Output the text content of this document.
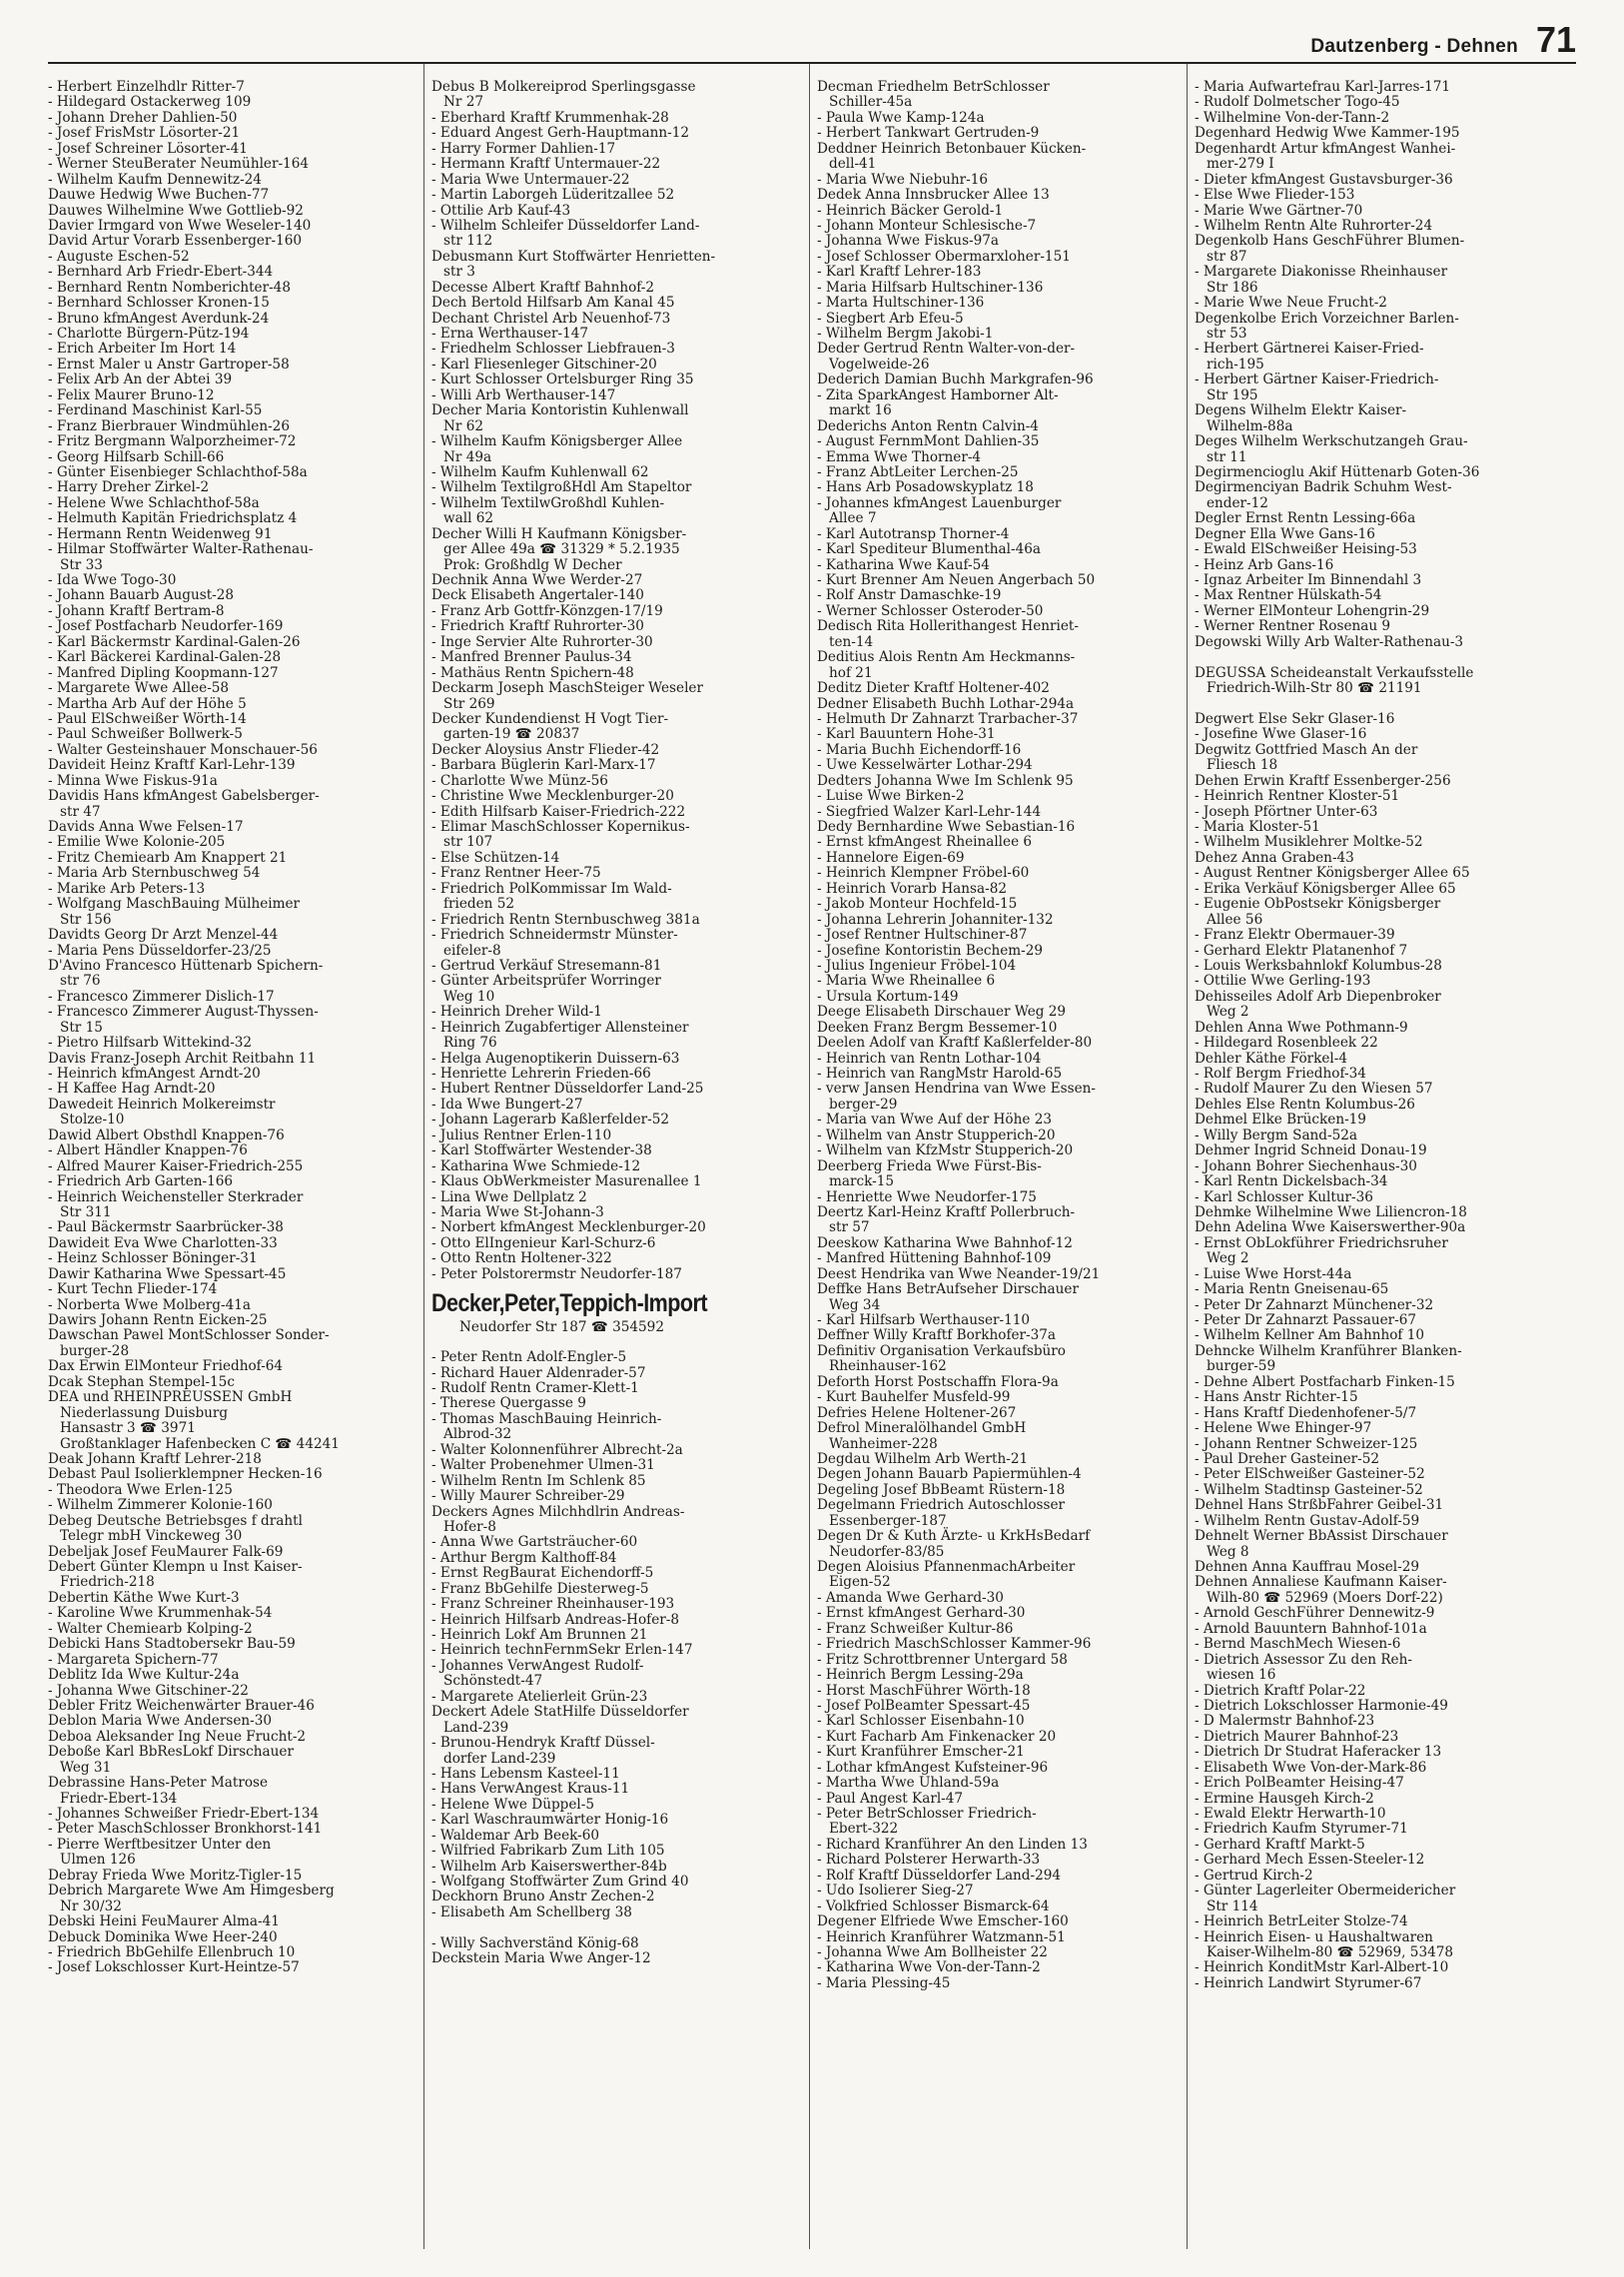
Dautzenberg - Dehnen 71
- Herbert Einzelhdlr Ritter-7
- Hildegard Ostackerweg 109
- Johann Dreher Dahlien-50
- Josef FrisMstr Lösorter-21
- Josef Schreiner Lösorter-41
- Werner SteuBerater Neumühler-164
- Wilhelm Kaufm Dennewitz-24
Dauwe Hedwig Wwe Buchen-77
Dauwes Wilhelmine Wwe Gottlieb-92
Davier Irmgard von Wwe Weseler-140
David Artur Vorarb Essenberger-160
- Auguste Eschen-52
- Bernhard Arb Friedr-Ebert-344
- Bernhard Rentn Nomberichter-48
- Bernhard Schlosser Kronen-15
- Bruno kfmAngest Averdunk-24
- Charlotte Bürgern-Pütz-194
- Erich Arbeiter Im Hort 14
- Ernst Maler u Anstr Gartroper-58
- Felix Arb An der Abtei 39
- Felix Maurer Bruno-12
- Ferdinand Maschinist Karl-55
- Franz Bierbrauer Windmühlen-26
- Fritz Bergmann Walporzheimer-72
- Georg Hilfsarb Schill-66
- Günter Eisenbieger Schlachthof-58a
- Harry Dreher Zirkel-2
- Helene Wwe Schlachthof-58a
- Helmuth Kapitän Friedrichsplatz 4
- Hermann Rentn Weidenweg 91
- Hilmar Stoffwärter Walter-Rathenau-
Str 33
- Ida Wwe Togo-30
- Johann Bauarb August-28
- Johann Kraftf Bertram-8
- Josef Postfacharb Neudorfer-169
- Karl Bäckermstr Kardinal-Galen-26
- Karl Bäckerei Kardinal-Galen-28
- Manfred Dipling Koopmann-127
- Margarete Wwe Allee-58
- Martha Arb Auf der Höhe 5
- Paul ElSchweißer Wörth-14
- Paul Schweißer Bollwerk-5
- Walter Gesteinshauer Monschauer-56
Davideit Heinz Kraftf Karl-Lehr-139
- Minna Wwe Fiskus-91a
Davidis Hans kfmAngest Gabelsberger-
str 47
Davids Anna Wwe Felsen-17
- Emilie Wwe Kolonie-205
- Fritz Chemiearb Am Knappert 21
- Maria Arb Sternbuschweg 54
- Marike Arb Peters-13
- Wolfgang MaschBauing Mülheimer
Str 156
Davidts Georg Dr Arzt Menzel-44
- Maria Pens Düsseldorfer-23/25
D'Avino Francesco Hüttenarb Spichern-
str 76
- Francesco Zimmerer Dislich-17
- Francesco Zimmerer August-Thyssen-
Str 15
- Pietro Hilfsarb Wittekind-32
Davis Franz-Joseph Archit Reitbahn 11
- Heinrich kfmAngest Arndt-20
- H Kaffee Hag Arndt-20
Dawedeit Heinrich Molkereimstr
Stolze-10
Dawid Albert Obsthdl Knappen-76
- Albert Händler Knappen-76
- Alfred Maurer Kaiser-Friedrich-255
- Friedrich Arb Garten-166
- Heinrich Weichensteller Sterkrader
Str 311
- Paul Bäckermstr Saarbrücker-38
Dawideit Eva Wwe Charlotten-33
- Heinz Schlosser Böninger-31
Dawir Katharina Wwe Spessart-45
- Kurt Techn Flieder-174
- Norberta Wwe Molberg-41a
Dawirs Johann Rentn Eicken-25
Dawschan Pawel MontSchlosser Sonder-
burger-28
Dax Erwin ElMonteur Friedhof-64
Dcak Stephan Stempel-15c
DEA und RHEINPREUSSEN GmbH
Niederlassung Duisburg
Hansastr 3 ☎ 3971
Großtanklager Hafenbecken C ☎ 44241
Deak Johann Kraftf Lehrer-218
Debast Paul Isolierklempner Hecken-16
- Theodora Wwe Erlen-125
- Wilhelm Zimmerer Kolonie-160
Debeg Deutsche Betriebsges f drahtl
Telegr mbH Vinckeweg 30
Debeljak Josef FeuMaurer Falk-69
Debert Günter Klempn u Inst Kaiser-
Friedrich-218
Debertin Käthe Wwe Kurt-3
- Karoline Wwe Krummenhak-54
- Walter Chemiearb Kolping-2
Debicki Hans Stadtobersekr Bau-59
- Margareta Spichern-77
Deblitz Ida Wwe Kultur-24a
- Johanna Wwe Gitschiner-22
Debler Fritz Weichenwärter Brauer-46
Deblon Maria Wwe Andersen-30
Deboa Aleksander Ing Neue Frucht-2
Deboße Karl BbResLokf Dirschauer
Weg 31
Debrassine Hans-Peter Matrose
Friedr-Ebert-134
- Johannes Schweißer Friedr-Ebert-134
- Peter MaschSchlosser Bronkhorst-141
- Pierre Werftbesitzer Unter den
Ulmen 126
Debray Frieda Wwe Moritz-Tigler-15
Debrich Margarete Wwe Am Himgesberg
Nr 30/32
Debski Heini FeuMaurer Alma-41
Debuck Dominika Wwe Heer-240
- Friedrich BbGehilfe Ellenbruch 10
- Josef Lokschlosser Kurt-Heintze-57
Debus B Molkereiprod Sperlingsgasse
Nr 27
- Eberhard Kraftf Krummenhak-28
- Eduard Angest Gerh-Hauptmann-12
- Harry Former Dahlien-17
- Hermann Kraftf Untermauer-22
- Maria Wwe Untermauer-22
- Martin Laborgeh Lüderitzallee 52
- Ottilie Arb Kauf-43
- Wilhelm Schleifer Düsseldorfer Land-
str 112
Debusmann Kurt Stoffwärter Henrietten-
str 3
Decesse Albert Kraftf Bahnhof-2
Dech Bertold Hilfsarb Am Kanal 45
Dechant Christel Arb Neuenhof-73
- Erna Werthauser-147
- Friedhelm Schlosser Liebfrauen-3
- Karl Fliesenleger Gitschiner-20
- Kurt Schlosser Ortelsburger Ring 35
- Willi Arb Werthauser-147
Decher Maria Kontoristin Kuhlenwall
Nr 62
- Wilhelm Kaufm Königsberger Allee
Nr 49a
- Wilhelm Kaufm Kuhlenwall 62
- Wilhelm TextilgroßHdl Am Stapeltor
- Wilhelm TextilwGroßhdl Kuhlen-
wall 62
Decher Willi H Kaufmann Königsber-
ger Allee 49a ☎ 31329 * 5.2.1935
Prok: Großhdlg W Decher
Dechnik Anna Wwe Werder-27
Deck Elisabeth Angertaler-140
- Franz Arb Gottfr-Könzgen-17/19
- Friedrich Kraftf Ruhrorter-30
- Inge Servier Alte Ruhrorter-30
- Manfred Brenner Paulus-34
- Mathäus Rentn Spichern-48
Deckarm Joseph MaschSteiger Weseler
Str 269
Decker Kundendienst H Vogt Tier-
garten-19 ☎ 20837
Decker Aloysius Anstr Flieder-42
- Barbara Büglerin Karl-Marx-17
- Charlotte Wwe Münz-56
- Christine Wwe Mecklenburger-20
- Edith Hilfsarb Kaiser-Friedrich-222
- Elimar MaschSchlosser Kopernikus-
str 107
- Else Schützen-14
- Franz Rentner Heer-75
- Friedrich PolKommissar Im Wald-
frieden 52
- Friedrich Rentn Sternbuschweg 381a
- Friedrich Schneidermstr Münster-
eifeler-8
- Gertrud Verkäuf Stresemann-81
- Günter Arbeitsprüfer Worringer
Weg 10
- Heinrich Dreher Wild-1
- Heinrich Zugabfertiger Allensteiner
Ring 76
- Helga Augenoptikerin Duissern-63
- Henriette Lehrerin Frieden-66
- Hubert Rentner Düsseldorfer Land-25
- Ida Wwe Bungert-27
- Johann Lagerarb Kaßlerfelder-52
- Julius Rentner Erlen-110
- Karl Stoffwärter Westender-38
- Katharina Wwe Schmiede-12
- Klaus ObWerkmeister Masurenallee 1
- Lina Wwe Dellplatz 2
- Maria Wwe St-Johann-3
- Norbert kfmAngest Mecklenburger-20
- Otto ElIngenieur Karl-Schurz-6
- Otto Rentn Holtener-322
- Peter Polstorermstr Neudorfer-187
Decker,Peter,Teppich-Import
Neudorfer Str 187 ☎ 354592
- Peter Rentn Adolf-Engler-5
- Richard Hauer Aldenrader-57
- Rudolf Rentn Cramer-Klett-1
- Therese Quergasse 9
- Thomas MaschBauing Heinrich-
Albrod-32
- Walter Kolonnenführer Albrecht-2a
- Walter Probenehmer Ulmen-31
- Wilhelm Rentn Im Schlenk 85
- Willy Maurer Schreiber-29
Deckers Agnes Milchhdlrin Andreas-
Hofer-8
- Anna Wwe Gartsträucher-60
- Arthur Bergm Kalthoff-84
- Ernst RegBaurat Eichendorff-5
- Franz BbGehilfe Diesterweg-5
- Franz Schreiner Rheinhauser-193
- Heinrich Hilfsarb Andreas-Hofer-8
- Heinrich Lokf Am Brunnen 21
- Heinrich technFernmSekr Erlen-147
- Johannes VerwAngest Rudolf-
Schönstedt-47
- Margarete Atelierleit Grün-23
Deckert Adele StatHilfe Düsseldorfer
Land-239
- Brunou-Hendryk Kraftf Düssel-
dorfer Land-239
- Hans Lebensm Kasteel-11
- Hans VerwAngest Kraus-11
- Helene Wwe Düppel-5
- Karl Waschraumwärter Honig-16
- Waldemar Arb Beek-60
- Wilfried Fabrikarb Zum Lith 105
- Wilhelm Arb Kaiserswerther-84b
- Wolfgang Stoffwärter Zum Grind 40
Deckhorn Bruno Anstr Zechen-2
- Elisabeth Am Schellberg 38
- Willy Sachverständ König-68
Deckstein Maria Wwe Anger-12
Decman Friedhelm BetrSchlosser
Schiller-45a
- Paula Wwe Kamp-124a
- Herbert Tankwart Gertruden-9
Deddner Heinrich Betonbauer Kücken-
dell-41
- Maria Wwe Niebuhr-16
Dedek Anna Innsbrucker Allee 13
- Heinrich Bäcker Gerold-1
- Johann Monteur Schlesische-7
- Johanna Wwe Fiskus-97a
- Josef Schlosser Obermarxloher-151
- Karl Kraftf Lehrer-183
- Maria Hilfsarb Hultschiner-136
- Marta Hultschiner-136
- Siegbert Arb Efeu-5
- Wilhelm Bergm Jakobi-1
Deder Gertrud Rentn Walter-von-der-
Vogelweide-26
Dederich Damian Buchh Markgrafen-96
- Zita SparkAngest Hamborner Alt-
markt 16
Dederichs Anton Rentn Calvin-4
- August FernmMont Dahlien-35
- Emma Wwe Thorner-4
- Franz AbtLeiter Lerchen-25
- Hans Arb Posadowskyplatz 18
- Johannes kfmAngest Lauenburger
Allee 7
- Karl Autotransp Thorner-4
- Karl Spediteur Blumenthal-46a
- Katharina Wwe Kauf-54
- Kurt Brenner Am Neuen Angerbach 50
- Rolf Anstr Damaschke-19
- Werner Schlosser Osteroder-50
Dedisch Rita Hollerithangest Henriet-
ten-14
Deditius Alois Rentn Am Heckmanns-
hof 21
Deditz Dieter Kraftf Holtener-402
Dedner Elisabeth Buchh Lothar-294a
- Helmuth Dr Zahnarzt Trarbacher-37
- Karl Bauuntern Hohe-31
- Maria Buchh Eichendorff-16
- Uwe Kesselwärter Lothar-294
Dedters Johanna Wwe Im Schlenk 95
- Luise Wwe Birken-2
- Siegfried Walzer Karl-Lehr-144
Dedy Bernhardine Wwe Sebastian-16
- Ernst kfmAngest Rheinallee 6
- Hannelore Eigen-69
- Heinrich Klempner Fröbel-60
- Heinrich Vorarb Hansa-82
- Jakob Monteur Hochfeld-15
- Johanna Lehrerin Johanniter-132
- Josef Rentner Hultschiner-87
- Josefine Kontoristin Bechem-29
- Julius Ingenieur Fröbel-104
- Maria Wwe Rheinallee 6
- Ursula Kortum-149
Deege Elisabeth Dirschauer Weg 29
Deeken Franz Bergm Bessemer-10
Deelen Adolf van Kraftf Kaßlerfelder-80
- Heinrich van Rentn Lothar-104
- Heinrich van RangMstr Harold-65
- verw Jansen Hendrina van Wwe Essen-
berger-29
- Maria van Wwe Auf der Höhe 23
- Wilhelm van Anstr Stupperich-20
- Wilhelm van KfzMstr Stupperich-20
Deerberg Frieda Wwe Fürst-Bis-
marck-15
- Henriette Wwe Neudorfer-175
Deertz Karl-Heinz Kraftf Pollerbruch-
str 57
Deeskow Katharina Wwe Bahnhof-12
- Manfred Hüttening Bahnhof-109
Deest Hendrika van Wwe Neander-19/21
Deffke Hans BetrAufseher Dirschauer
Weg 34
- Karl Hilfsarb Werthauser-110
Deffner Willy Kraftf Borkhofer-37a
Definitiv Organisation Verkaufsbüro
Rheinhauser-162
Deforth Horst Postschaffn Flora-9a
- Kurt Bauhelfer Musfeld-99
Defries Helene Holtener-267
Defrol Mineralölhandel GmbH
Wanheimer-228
Degdau Wilhelm Arb Werth-21
Degen Johann Bauarb Papiermühlen-4
Degeling Josef BbBeamt Rüstern-18
Degelmann Friedrich Autoschlosser
Essenberger-187
Degen Dr & Kuth Ärzte- u KrkHsBedarf
Neudorfer-83/85
Degen Aloisius PfannenmachArbeiter
Eigen-52
- Amanda Wwe Gerhard-30
- Ernst kfmAngest Gerhard-30
- Franz Schweißer Kultur-86
- Friedrich MaschSchlosser Kammer-96
- Fritz Schrottbrenner Untergard 58
- Heinrich Bergm Lessing-29a
- Horst MaschFührer Wörth-18
- Josef PolBeamter Spessart-45
- Karl Schlosser Eisenbahn-10
- Kurt Facharb Am Finkenacker 20
- Kurt Kranführer Emscher-21
- Lothar kfmAngest Kufsteiner-96
- Martha Wwe Uhland-59a
- Paul Angest Karl-47
- Peter BetrSchlosser Friedrich-
Ebert-322
- Richard Kranführer An den Linden 13
- Richard Polsterer Herwarth-33
- Rolf Kraftf Düsseldorfer Land-294
- Udo Isolierer Sieg-27
- Volkfried Schlosser Bismarck-64
Degener Elfriede Wwe Emscher-160
- Heinrich Kranführer Watzmann-51
- Johanna Wwe Am Bollheister 22
- Katharina Wwe Von-der-Tann-2
- Maria Plessing-45
- Maria Aufwartefrau Karl-Jarres-171
- Rudolf Dolmetscher Togo-45
- Wilhelmine Von-der-Tann-2
Degenhard Hedwig Wwe Kammer-195
Degenhardt Artur kfmAngest Wanhei-
mer-279 I
- Dieter kfmAngest Gustavsburger-36
- Else Wwe Flieder-153
- Marie Wwe Gärtner-70
- Wilhelm Rentn Alte Ruhrorter-24
Degenkolb Hans GeschFührer Blumen-
str 87
- Margarete Diakonisse Rheinhauser
Str 186
- Marie Wwe Neue Frucht-2
Degenkolbe Erich Vorzeichner Barlen-
str 53
- Herbert Gärtnerei Kaiser-Fried-
rich-195
- Herbert Gärtner Kaiser-Friedrich-
Str 195
Degens Wilhelm Elektr Kaiser-
Wilhelm-88a
Deges Wilhelm Werkschutzangeh Grau-
str 11
Degirmencioglu Akif Hüttenarb Goten-36
Degirmenciyan Badrik Schuhm West-
ender-12
Degler Ernst Rentn Lessing-66a
Degner Ella Wwe Gans-16
- Ewald ElSchweißer Heising-53
- Heinz Arb Gans-16
- Ignaz Arbeiter Im Binnendahl 3
- Max Rentner Hülskath-54
- Werner ElMonteur Lohengrin-29
- Werner Rentner Rosenau 9
Degowski Willy Arb Walter-Rathenau-3
DEGUSSA Scheideanstalt Verkaufsstelle
Friedrich-Wilh-Str 80 ☎ 21191
Degwert Else Sekr Glaser-16
- Josefine Wwe Glaser-16
Degwitz Gottfried Masch An der
Fliesch 18
Dehen Erwin Kraftf Essenberger-256
- Heinrich Rentner Kloster-51
- Joseph Pförtner Unter-63
- Maria Kloster-51
- Wilhelm Musiklehrer Moltke-52
Dehez Anna Graben-43
- August Rentner Königsberger Allee 65
- Erika Verkäuf Königsberger Allee 65
- Eugenie ObPostsekr Königsberger
Allee 56
- Franz Elektr Obermauer-39
- Gerhard Elektr Platanenhof 7
- Louis Werksbahnlokf Kolumbus-28
- Ottilie Wwe Gerling-193
Dehisseiles Adolf Arb Diepenbroker
Weg 2
Dehlen Anna Wwe Pothmann-9
- Hildegard Rosenbleek 22
Dehler Käthe Förkel-4
- Rolf Bergm Friedhof-34
- Rudolf Maurer Zu den Wiesen 57
Dehles Else Rentn Kolumbus-26
Dehmel Elke Brücken-19
- Willy Bergm Sand-52a
Dehmer Ingrid Schneid Donau-19
- Johann Bohrer Siechenhaus-30
- Karl Rentn Dickelsbach-34
- Karl Schlosser Kultur-36
Dehmke Wilhelmine Wwe Liliencron-18
Dehn Adelina Wwe Kaiserswerther-90a
- Ernst ObLokführer Friedrichsruher
Weg 2
- Luise Wwe Horst-44a
- Maria Rentn Gneisenau-65
- Peter Dr Zahnarzt Münchener-32
- Peter Dr Zahnarzt Passauer-67
- Wilhelm Kellner Am Bahnhof 10
Dehncke Wilhelm Kranführer Blanken-
burger-59
- Dehne Albert Postfacharb Finken-15
- Hans Anstr Richter-15
- Hans Kraftf Diedenhofener-5/7
- Helene Wwe Ehinger-97
- Johann Rentner Schweizer-125
- Paul Dreher Gasteiner-52
- Peter ElSchweißer Gasteiner-52
- Wilhelm Stadtinsp Gasteiner-52
Dehnel Hans StrßbFahrer Geibel-31
- Wilhelm Rentn Gustav-Adolf-59
Dehnelt Werner BbAssist Dirschauer
Weg 8
Dehnen Anna Kauffrau Mosel-29
Dehnen Annaliese Kaufmann Kaiser-
Wilh-80 ☎ 52969 (Moers Dorf-22)
- Arnold GeschFührer Dennewitz-9
- Arnold Bauuntern Bahnhof-101a
- Bernd MaschMech Wiesen-6
- Dietrich Assessor Zu den Reh-
wiesen 16
- Dietrich Kraftf Polar-22
- Dietrich Lokschlosser Harmonie-49
- D Malermstr Bahnhof-23
- Dietrich Maurer Bahnhof-23
- Dietrich Dr Studrat Haferacker 13
- Elisabeth Wwe Von-der-Mark-86
- Erich PolBeamter Heising-47
- Ermine Hausgeh Kirch-2
- Ewald Elektr Herwarth-10
- Friedrich Kaufm Styrumer-71
- Gerhard Kraftf Markt-5
- Gerhard Mech Essen-Steeler-12
- Gertrud Kirch-2
- Günter Lagerleiter Obermeidericher
Str 114
- Heinrich BetrLeiter Stolze-74
- Heinrich Eisen- u Haushaltwaren
Kaiser-Wilhelm-80 ☎ 52969, 53478
- Heinrich KonditMstr Karl-Albert-10
- Heinrich Landwirt Styrumer-67
